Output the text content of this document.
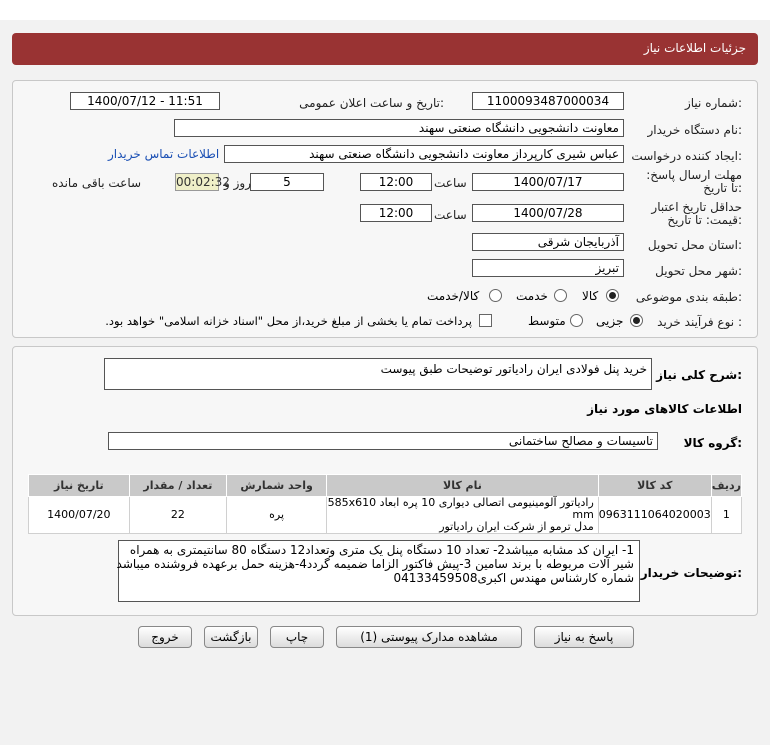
جزئیات اطلاعات نیاز
شماره نیاز:
1100093487000034
تاریخ و ساعت اعلان عمومی:
1400/07/12 - 11:51
نام دستگاه خریدار:
معاونت دانشجویی دانشگاه صنعتی سهند
ایجاد کننده درخواست:
عباس شیری کارپرداز معاونت دانشجویی دانشگاه صنعتی سهند
اطلاعات تماس خریدار
مهلت ارسال پاسخ: تا تاریخ:
1400/07/17
ساعت
12:00
5
روز و
00:02:32
ساعت باقی مانده
حداقل تاریخ اعتبار قیمت: تا تاریخ:
1400/07/28
ساعت
12:00
استان محل تحویل:
آذربایجان شرقی
شهر محل تحویل:
تبریز
طبقه بندی موضوعی:
کالا
خدمت
کالا/خدمت
نوع فرآیند خرید :
جزیی
متوسط
پرداخت تمام یا بخشی از مبلغ خرید،از محل "اسناد خزانه اسلامی" خواهد بود.
شرح کلی نیاز:
خرید پنل فولادی ایران رادیاتور توضیحات طبق پیوست
اطلاعات کالاهای مورد نیاز
گروه کالا:
تاسیسات و مصالح ساختمانی
ردیف	کد کالا	نام کالا	واحد شمارش	تعداد / مقدار	تاریخ نیاز
1	0963111064020003	رادیاتور آلومینیومی اتصالی دیواری 10 پره ابعاد 585x610 mm
مدل ترمو از شرکت ایران رادیاتور	پره	22	1400/07/20
توضیحات خریدار:
1- ایران کد مشابه میباشد2- تعداد 10 دستگاه پنل یک متری وتعداد12 دستگاه 80 سانتیمتری به همراه
شیر آلات مربوطه با برند سامین 3-پیش فاکتور الزاما ضمیمه گردد4-هزینه حمل برعهده فروشنده میباشد
شماره کارشناس مهندس اکبری04133459508
پاسخ به نیاز
مشاهده مدارک پیوستی (1)
چاپ
بازگشت
خروج
